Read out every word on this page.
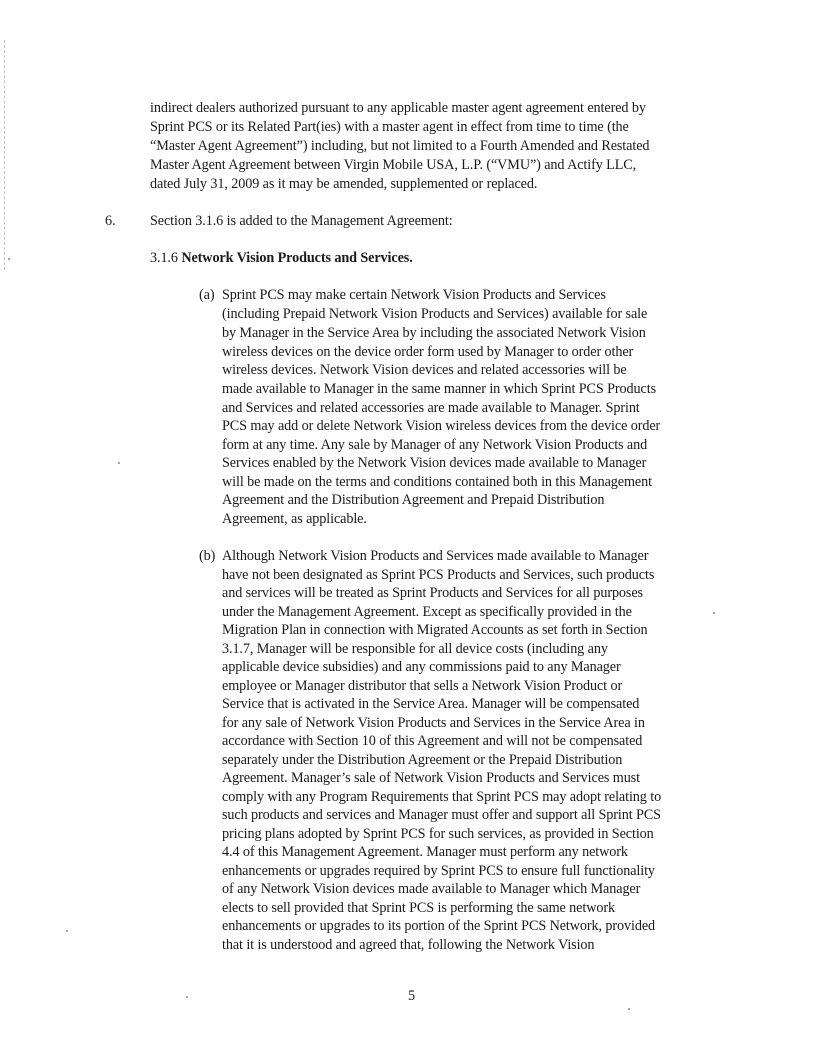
indirect dealers authorized pursuant to any applicable master agent agreement entered by
Sprint PCS or its Related Part(ies) with a master agent in effect from time to time (the
“Master Agent Agreement”) including, but not limited to a Fourth Amended and Restated
Master Agent Agreement between Virgin Mobile USA, L.P. (“VMU”) and Actify LLC,
dated July 31, 2009 as it may be amended, supplemented or replaced.
6. Section 3.1.6 is added to the Management Agreement:
3.1.6 Network Vision Products and Services.
(a) Sprint PCS may make certain Network Vision Products and Services
(including Prepaid Network Vision Products and Services) available for sale
by Manager in the Service Area by including the associated Network Vision
wireless devices on the device order form used by Manager to order other
wireless devices. Network Vision devices and related accessories will be
made available to Manager in the same manner in which Sprint PCS Products
and Services and related accessories are made available to Manager. Sprint
PCS may add or delete Network Vision wireless devices from the device order
form at any time. Any sale by Manager of any Network Vision Products and
Services enabled by the Network Vision devices made available to Manager
will be made on the terms and conditions contained both in this Management
Agreement and the Distribution Agreement and Prepaid Distribution
Agreement, as applicable.
(b) Although Network Vision Products and Services made available to Manager
have not been designated as Sprint PCS Products and Services, such products
and services will be treated as Sprint Products and Services for all purposes
under the Management Agreement. Except as specifically provided in the
Migration Plan in connection with Migrated Accounts as set forth in Section
3.1.7, Manager will be responsible for all device costs (including any
applicable device subsidies) and any commissions paid to any Manager
employee or Manager distributor that sells a Network Vision Product or
Service that is activated in the Service Area. Manager will be compensated
for any sale of Network Vision Products and Services in the Service Area in
accordance with Section 10 of this Agreement and will not be compensated
separately under the Distribution Agreement or the Prepaid Distribution
Agreement. Manager’s sale of Network Vision Products and Services must
comply with any Program Requirements that Sprint PCS may adopt relating to
such products and services and Manager must offer and support all Sprint PCS
pricing plans adopted by Sprint PCS for such services, as provided in Section
4.4 of this Management Agreement. Manager must perform any network
enhancements or upgrades required by Sprint PCS to ensure full functionality
of any Network Vision devices made available to Manager which Manager
elects to sell provided that Sprint PCS is performing the same network
enhancements or upgrades to its portion of the Sprint PCS Network, provided
that it is understood and agreed that, following the Network Vision
5
